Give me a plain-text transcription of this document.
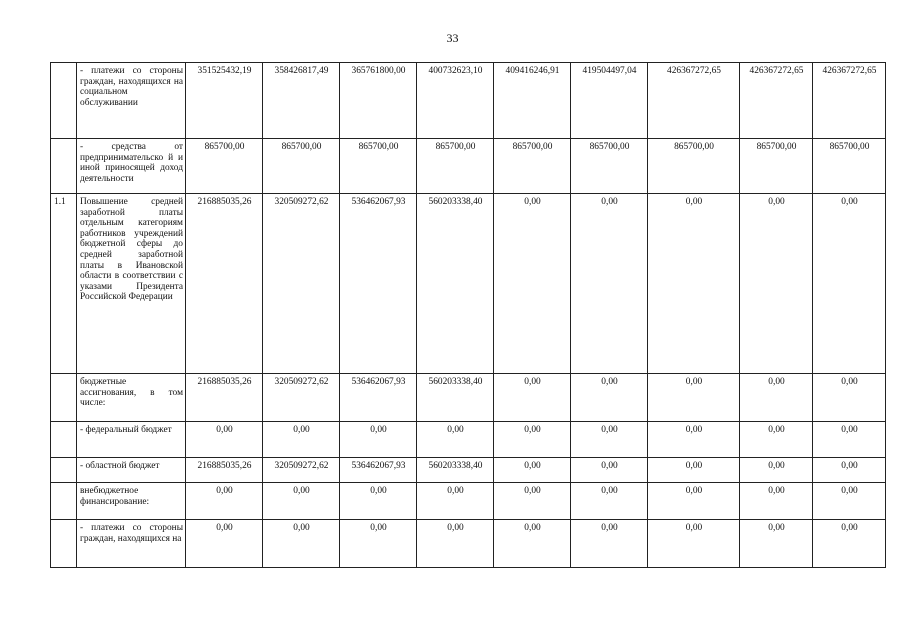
33
	- платежи со стороны граждан, находящихся на социальном обслуживании	351525432,19	358426817,49	365761800,00	400732623,10	409416246,91	419504497,04	426367272,65	426367272,65	426367272,65
	- средства от предпринимательско й и иной приносящей доход деятельности	865700,00	865700,00	865700,00	865700,00	865700,00	865700,00	865700,00	865700,00	865700,00
1.1	Повышение средней заработной платы отдельным категориям работников учреждений бюджетной сферы до средней заработной платы в Ивановской области в соответствии с указами Президента Российской Федерации	216885035,26	320509272,62	536462067,93	560203338,40	0,00	0,00	0,00	0,00	0,00
	бюджетные ассигнования, в том числе:	216885035,26	320509272,62	536462067,93	560203338,40	0,00	0,00	0,00	0,00	0,00
	- федеральный бюджет	0,00	0,00	0,00	0,00	0,00	0,00	0,00	0,00	0,00
	- областной бюджет	216885035,26	320509272,62	536462067,93	560203338,40	0,00	0,00	0,00	0,00	0,00
	внебюджетное финансирование:	0,00	0,00	0,00	0,00	0,00	0,00	0,00	0,00	0,00
	- платежи со стороны граждан, находящихся на	0,00	0,00	0,00	0,00	0,00	0,00	0,00	0,00	0,00
